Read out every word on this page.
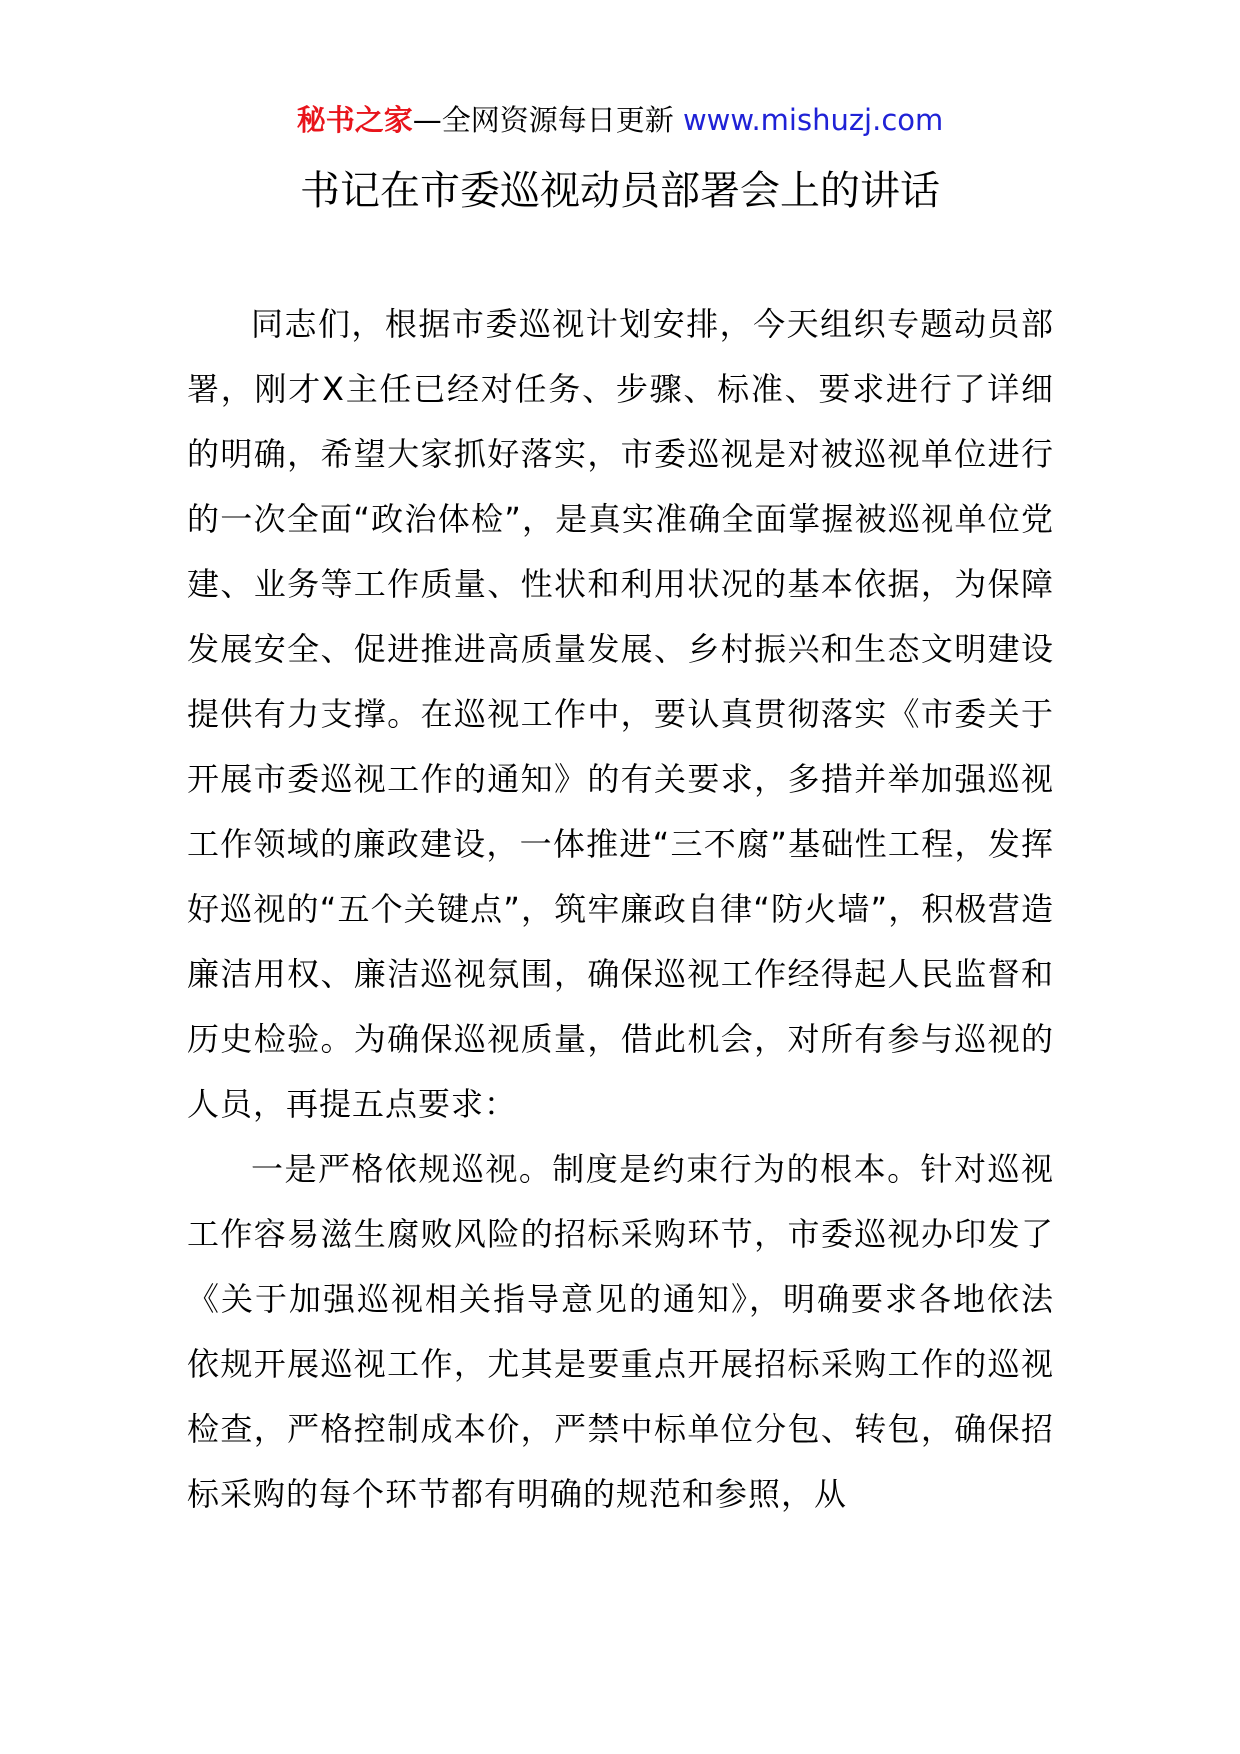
秘书之家—全网资源每日更新 www.mishuzj.com
书记在市委巡视动员部署会上的讲话

同志们，根据市委巡视计划安排，今天组织专题动员部署，刚才X主任已经对任务、步骤、标准、要求进行了详细的明确，希望大家抓好落实，市委巡视是对被巡视单位进行的一次全面“政治体检”，是真实准确全面掌握被巡视单位党建、业务等工作质量、性状和利用状况的基本依据，为保障发展安全、促进推进高质量发展、乡村振兴和生态文明建设提供有力支撑。在巡视工作中，要认真贯彻落实《市委关于开展市委巡视工作的通知》的有关要求，多措并举加强巡视工作领域的廉政建设，一体推进“三不腐”基础性工程，发挥好巡视的“五个关键点”，筑牢廉政自律“防火墙”，积极营造廉洁用权、廉洁巡视氛围，确保巡视工作经得起人民监督和历史检验。为确保巡视质量，借此机会，对所有参与巡视的人员，再提五点要求：

一是严格依规巡视。制度是约束行为的根本。针对巡视工作容易滋生腐败风险的招标采购环节，市委巡视办印发了《关于加强巡视相关指导意见的通知》，明确要求各地依法依规开展巡视工作，尤其是要重点开展招标采购工作的巡视检查，严格控制成本价，严禁中标单位分包、转包，确保招标采购的每个环节都有明确的规范和参照，从
